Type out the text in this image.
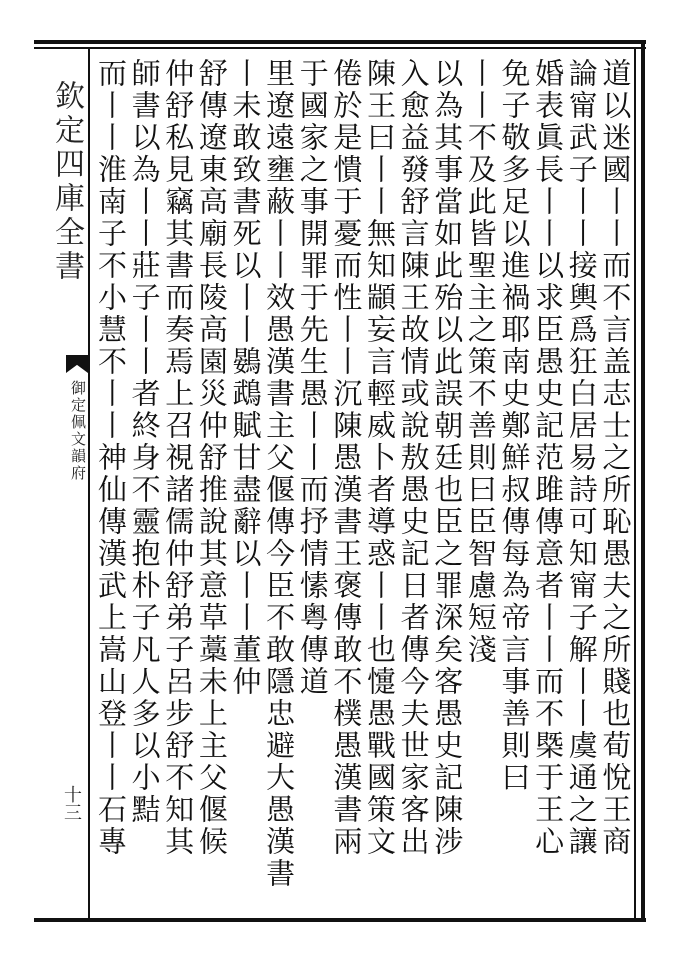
欽定四庫全書
御定佩文韻府
十三	道以迷國丨丨而不言盖志士之所恥愚夫之所賤也荀悅王商
論甯武子丨丨接輿爲狂白居易詩可知甯子解丨丨虞通之讓
婚表眞長丨丨以求臣愚史記范雎傳意者丨丨而不槩于王心
免子敬多足以進禍耶南史鄭鮮叔傳每為帝言事善則曰
丨丨不及此皆聖主之策不善則曰臣智慮短淺
以為其事當如此殆以此誤朝廷也臣之罪深矣客愚史記陳涉
入愈益發舒言陳王故情或說敖愚史記日者傳今夫世家客出
陳王曰丨丨無知顓妄言輕威卜者導惑丨丨也懥愚戰國策文
倦於是憒于憂而性丨丨沉陳愚漢書王褒傳敢不樸愚漢書兩
于國家之事開罪于先生愚丨丨而抒情愫粤傳道
里遼遠壅蔽丨丨效愚漢書主父偃傳今臣不敢隱忠避大愚漢書
丨未敢致書死以丨丨鷃鵡賦甘盡辭以丨丨董仲
舒傳遼東高廟長陵高園災仲舒推說其意草藁未上主父偃候
仲舒私見竊其書而奏焉上召視諸儒仲舒弟子呂步舒不知其
師書以為丨丨莊子丨丨者終身不靈抱朴子凡人多以小黠
而丨丨淮南子不小慧不丨丨神仙傳漢武上嵩山登丨丨石專
